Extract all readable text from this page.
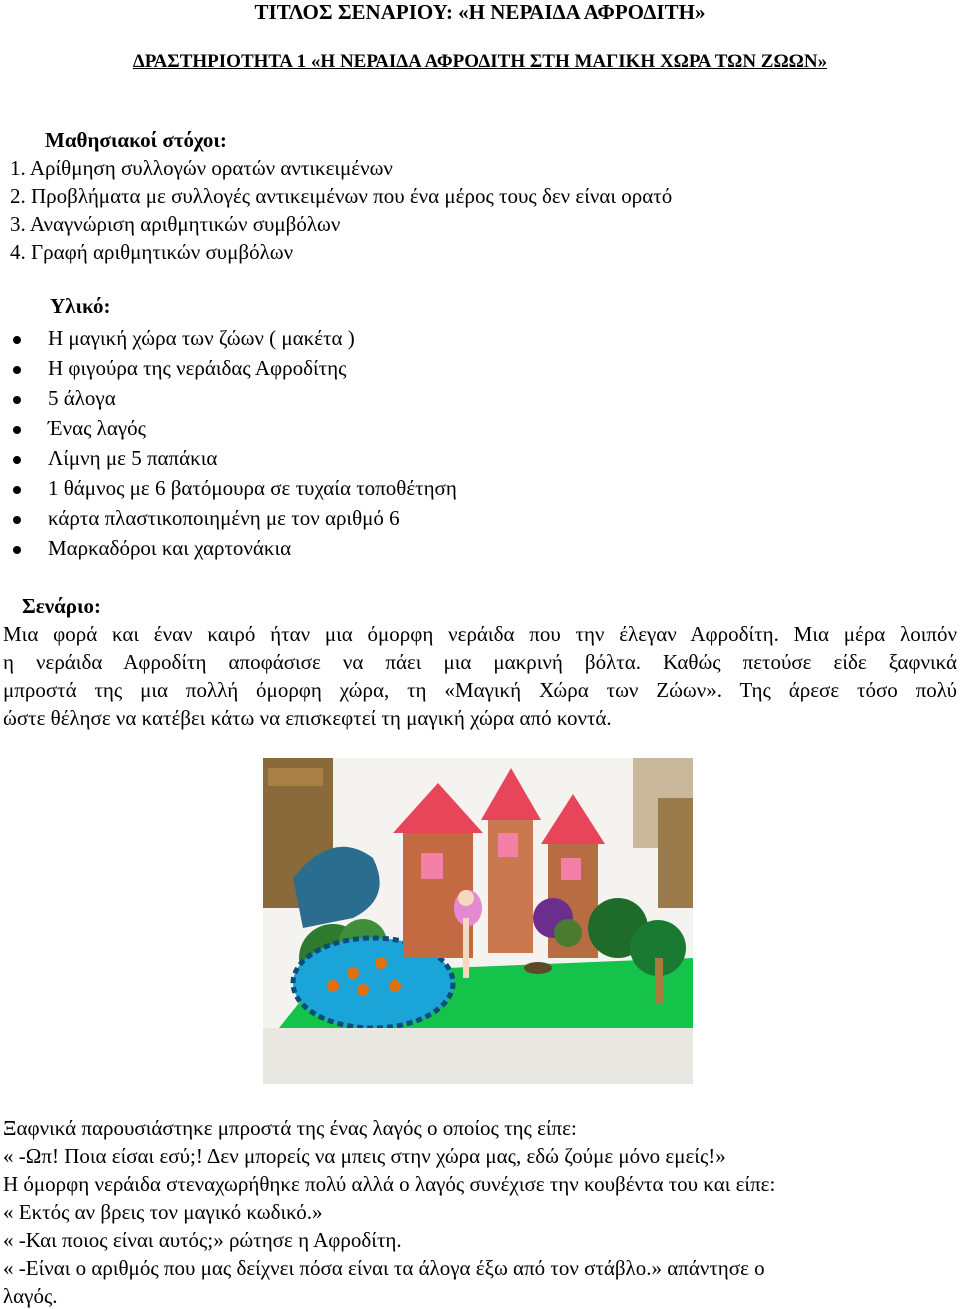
ΤΙΤΛΟΣ ΣΕΝΑΡΙΟΥ: «Η ΝΕΡΑΙΔΑ ΑΦΡΟΔΙΤΗ»
ΔΡΑΣΤΗΡΙΟΤΗΤΑ 1 «Η ΝΕΡΑΙΔΑ ΑΦΡΟΔΙΤΗ ΣΤΗ ΜΑΓΙΚΗ ΧΩΡΑ ΤΩΝ ΖΩΩΝ»
Μαθησιακοί στόχοι:
1. Αρίθμηση συλλογών ορατών αντικειμένων
2. Προβλήματα με συλλογές αντικειμένων που ένα μέρος τους δεν είναι ορατό
3. Αναγνώριση αριθμητικών συμβόλων
4. Γραφή αριθμητικών συμβόλων
Υλικό:
Η μαγική χώρα των ζώων ( μακέτα )
Η φιγούρα της νεράιδας Αφροδίτης
5 άλογα
Ένας λαγός
Λίμνη με 5 παπάκια
1 θάμνος με 6 βατόμουρα σε τυχαία τοποθέτηση
κάρτα πλαστικοποιημένη με τον αριθμό 6
Μαρκαδόροι και χαρτονάκια
Σενάριο:
Μια φορά και έναν καιρό ήταν μια όμορφη νεράιδα που την έλεγαν Αφροδίτη. Μια μέρα λοιπόν
η νεράιδα Αφροδίτη αποφάσισε να πάει μια μακρινή βόλτα. Καθώς πετούσε είδε ξαφνικά
μπροστά της μια πολλή όμορφη χώρα, τη «Μαγική Χώρα των Ζώων». Της άρεσε τόσο πολύ
ώστε θέλησε να κατέβει κάτω να επισκεφτεί τη μαγική χώρα από κοντά.
Ξαφνικά παρουσιάστηκε μπροστά της ένας λαγός ο οποίος της είπε:
« -Ωπ! Ποια είσαι εσύ;! Δεν μπορείς να μπεις στην χώρα μας, εδώ ζούμε μόνο εμείς!»
Η όμορφη νεράιδα στεναχωρήθηκε πολύ αλλά ο λαγός συνέχισε την κουβέντα του και είπε:
« Εκτός αν βρεις τον μαγικό κωδικό.»
« -Και ποιος είναι αυτός;» ρώτησε η Αφροδίτη.
« -Είναι ο αριθμός που μας δείχνει πόσα είναι τα άλογα έξω από τον στάβλο.» απάντησε ο
λαγός.
